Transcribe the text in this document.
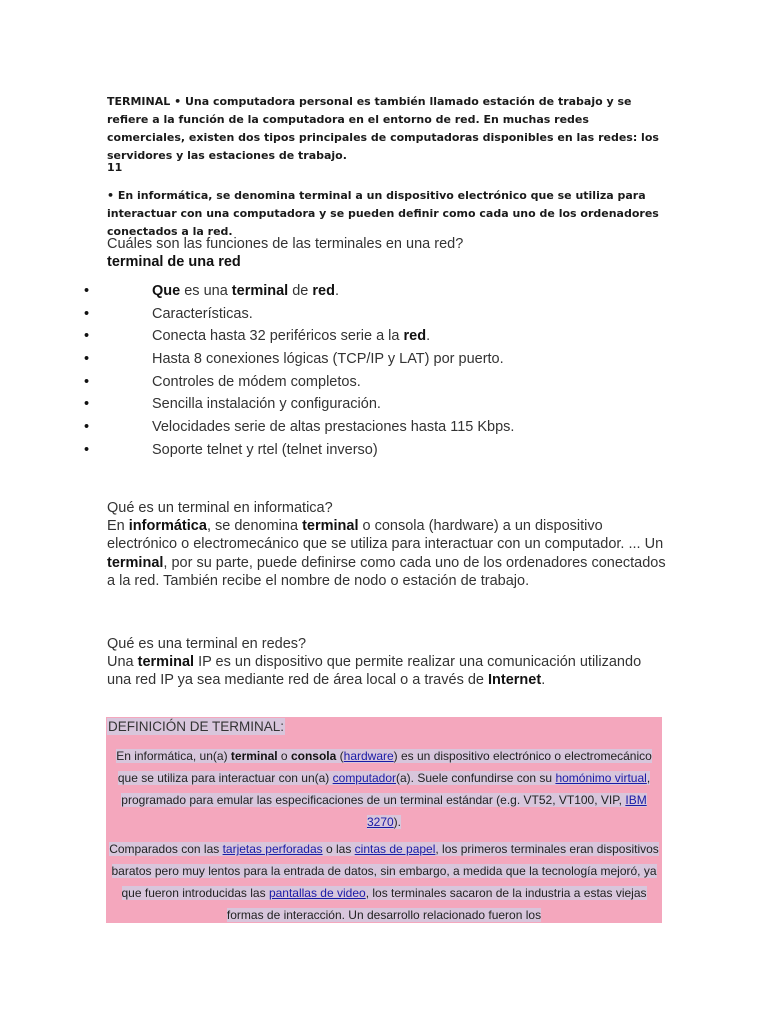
TERMINAL • Una computadora personal es también llamado estación de trabajo y se refiere a la función de la computadora en el entorno de red. En muchas redes comerciales, existen dos tipos principales de computadoras disponibles en las redes: los servidores y las estaciones de trabajo.

11

• En informática, se denomina terminal a un dispositivo electrónico que se utiliza para interactuar con una computadora y se pueden definir como cada uno de los ordenadores conectados a la red.

Cuáles son las funciones de las terminales en una red?

terminal de una red

•	Que es una terminal de red.
•	Características.
•	Conecta hasta 32 periféricos serie a la red.
•	Hasta 8 conexiones lógicas (TCP/IP y LAT) por puerto.
•	Controles de módem completos.
•	Sencilla instalación y configuración.
•	Velocidades serie de altas prestaciones hasta 115 Kbps.
•	Soporte telnet y rtel (telnet inverso)

Qué es un terminal en informatica?
En informática, se denomina terminal o consola (hardware) a un dispositivo electrónico o electromecánico que se utiliza para interactuar con un computador. ... Un terminal, por su parte, puede definirse como cada uno de los ordenadores conectados a la red. También recibe el nombre de nodo o estación de trabajo.

Qué es una terminal en redes?
Una terminal IP es un dispositivo que permite realizar una comunicación utilizando una red IP ya sea mediante red de área local o a través de Internet.

DEFINICIÓN DE TERMINAL:

En informática, un(a) terminal o consola (hardware) es un dispositivo electrónico o electromecánico que se utiliza para interactuar con un(a) computador(a). Suele confundirse con su homónimo virtual, programado para emular las especificaciones de un terminal estándar (e.g. VT52, VT100, VIP, IBM 3270).

Comparados con las tarjetas perforadas o las cintas de papel, los primeros terminales eran dispositivos baratos pero muy lentos para la entrada de datos, sin embargo, a medida que la tecnología mejoró, ya que fueron introducidas las pantallas de video, los terminales sacaron de la industria a estas viejas formas de interacción. Un desarrollo relacionado fueron los
